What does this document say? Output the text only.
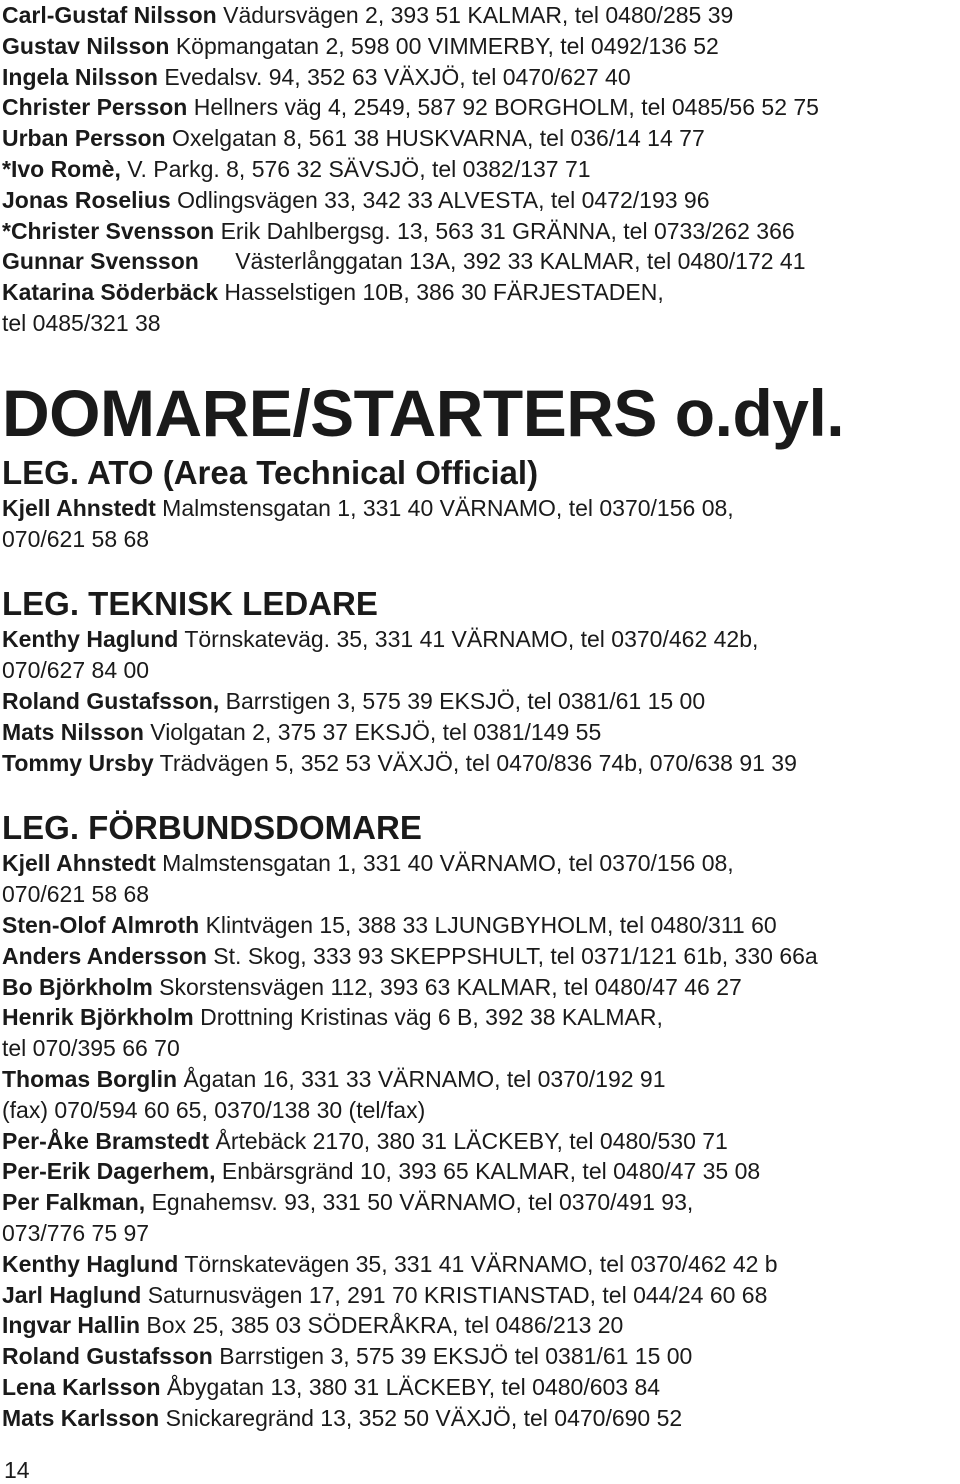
Carl-Gustaf Nilsson Vädursvägen 2, 393 51 KALMAR, tel 0480/285 39
Gustav Nilsson Köpmangatan 2, 598 00 VIMMERBY, tel 0492/136 52
Ingela Nilsson Evedalsv. 94, 352 63 VÄXJÖ, tel 0470/627 40
Christer Persson Hellners väg 4, 2549, 587 92 BORGHOLM, tel 0485/56 52 75
Urban Persson Oxelgatan 8, 561 38 HUSKVARNA, tel 036/14 14 77
*Ivo Romè, V. Parkg. 8, 576 32 SÄVSJÖ, tel 0382/137 71
Jonas Roselius Odlingsvägen 33, 342 33 ALVESTA, tel 0472/193 96
*Christer Svensson Erik Dahlbergsg. 13, 563 31 GRÄNNA, tel 0733/262 366
Gunnar Svensson Västerlånggatan 13A, 392 33 KALMAR, tel 0480/172 41
Katarina Söderbäck Hasselstigen 10B, 386 30 FÄRJESTADEN,
tel 0485/321 38
DOMARE/STARTERS o.dyl.
LEG. ATO (Area Technical Official)
Kjell Ahnstedt Malmstensgatan 1, 331 40 VÄRNAMO, tel 0370/156 08,
070/621 58 68
LEG. TEKNISK LEDARE
Kenthy Haglund Törnskateväg. 35, 331 41 VÄRNAMO, tel 0370/462 42b,
070/627 84 00
Roland Gustafsson, Barrstigen 3, 575 39 EKSJÖ, tel 0381/61 15 00
Mats Nilsson Violgatan 2, 375 37 EKSJÖ, tel 0381/149 55
Tommy Ursby Trädvägen 5, 352 53 VÄXJÖ, tel 0470/836 74b, 070/638 91 39
LEG. FÖRBUNDSDOMARE
Kjell Ahnstedt Malmstensgatan 1, 331 40 VÄRNAMO, tel 0370/156 08,
070/621 58 68
Sten-Olof Almroth Klintvägen 15, 388 33 LJUNGBYHOLM, tel 0480/311 60
Anders Andersson St. Skog, 333 93 SKEPPSHULT, tel 0371/121 61b, 330 66a
Bo Björkholm Skorstensvägen 112, 393 63 KALMAR, tel 0480/47 46 27
Henrik Björkholm Drottning Kristinas väg 6 B, 392 38 KALMAR,
tel 070/395 66 70
Thomas Borglin Ågatan 16, 331 33 VÄRNAMO, tel 0370/192 91
(fax) 070/594 60 65, 0370/138 30 (tel/fax)
Per-Åke Bramstedt Årtebäck 2170, 380 31 LÄCKEBY, tel 0480/530 71
Per-Erik Dagerhem, Enbärsgränd 10, 393 65 KALMAR, tel 0480/47 35 08
Per Falkman, Egnahemsv. 93, 331 50 VÄRNAMO, tel 0370/491 93,
073/776 75 97
Kenthy Haglund Törnskatevägen 35, 331 41 VÄRNAMO, tel 0370/462 42 b
Jarl Haglund Saturnusvägen 17, 291 70 KRISTIANSTAD, tel 044/24 60 68
Ingvar Hallin Box 25, 385 03 SÖDERÅKRA, tel 0486/213 20
Roland Gustafsson Barrstigen 3, 575 39 EKSJÖ tel 0381/61 15 00
Lena Karlsson Åbygatan 13, 380 31 LÄCKEBY, tel 0480/603 84
Mats Karlsson Snickaregränd 13, 352 50 VÄXJÖ, tel 0470/690 52
14
